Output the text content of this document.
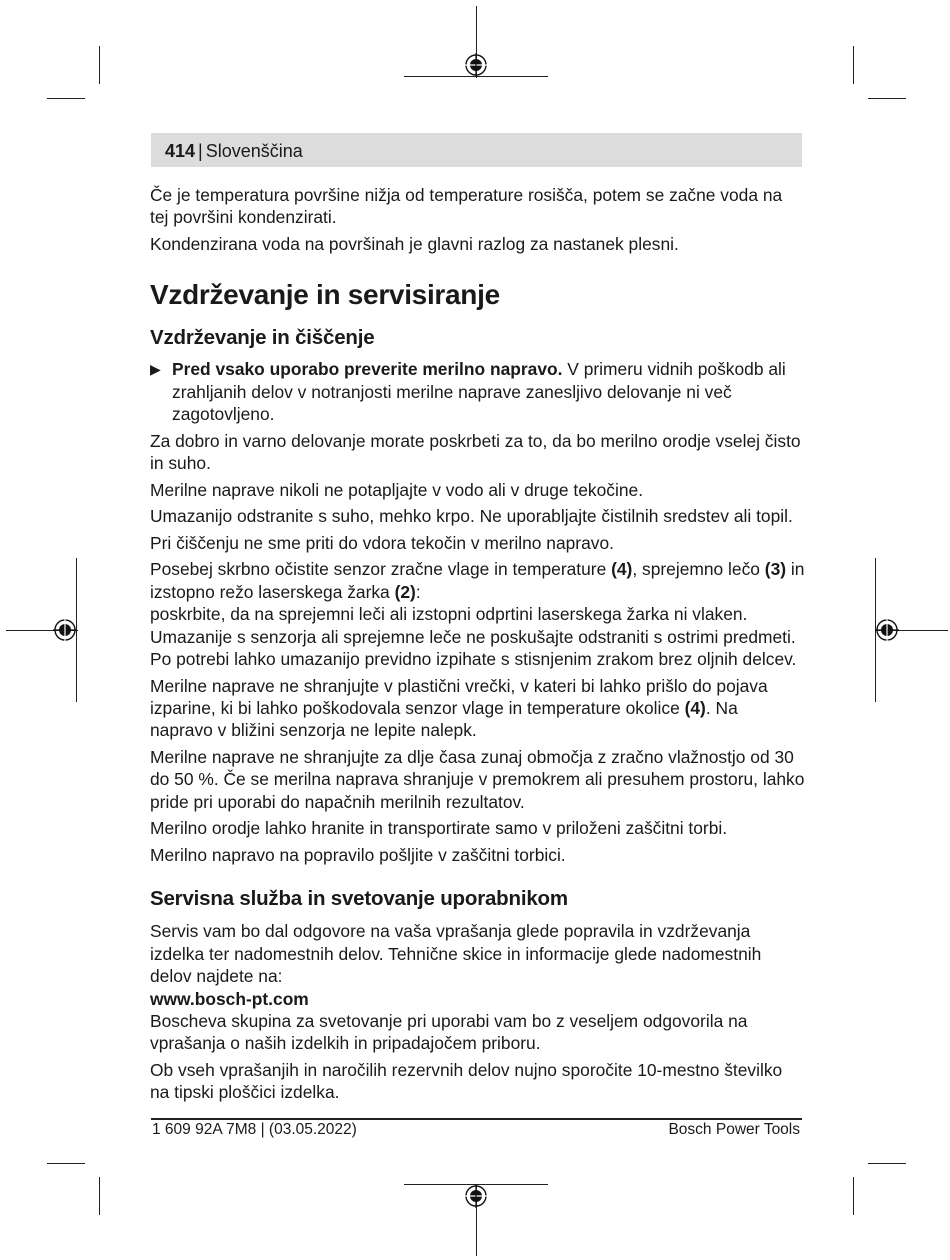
414 | Slovenščina

Če je temperatura površine nižja od temperature rosišča, potem se začne voda na tej površini kondenzirati.

Kondenzirana voda na površinah je glavni razlog za nastanek plesni.

Vzdrževanje in servisiranje
Vzdrževanje in čiščenje
▶ Pred vsako uporabo preverite merilno napravo. V primeru vidnih poškodb ali zrahljanih delov v notranjosti merilne naprave zanesljivo delovanje ni več zagotovljeno.

Za dobro in varno delovanje morate poskrbeti za to, da bo merilno orodje vselej čisto in suho.

Merilne naprave nikoli ne potapljajte v vodo ali v druge tekočine.

Umazanijo odstranite s suho, mehko krpo. Ne uporabljajte čistilnih sredstev ali topil.

Pri čiščenju ne sme priti do vdora tekočin v merilno napravo.

Posebej skrbno očistite senzor zračne vlage in temperature (4), sprejemno lečo (3) in izstopno režo laserskega žarka (2):

poskrbite, da na sprejemni leči ali izstopni odprtini laserskega žarka ni vlaken. Umazanije s senzorja ali sprejemne leče ne poskušajte odstraniti s ostrimi predmeti. Po potrebi lahko umazanijo previdno izpihate s stisnjenim zrakom brez oljnih delcev.

Merilne naprave ne shranjujte v plastični vrečki, v kateri bi lahko prišlo do pojava izparine, ki bi lahko poškodovala senzor vlage in temperature okolice (4). Na napravo v bližini senzorja ne lepite nalepk.

Merilne naprave ne shranjujte za dlje časa zunaj območja z zračno vlažnostjo od 30 do 50 %. Če se merilna naprava shranjuje v premokrem ali presuhem prostoru, lahko pride pri uporabi do napačnih merilnih rezultatov.

Merilno orodje lahko hranite in transportirate samo v priloženi zaščitni torbi.

Merilno napravo na popravilo pošljite v zaščitni torbici.

Servisna služba in svetovanje uporabnikom

Servis vam bo dal odgovore na vaša vprašanja glede popravila in vzdrževanja izdelka ter nadomestnih delov. Tehnične skice in informacije glede nadomestnih delov najdete na:
www.bosch-pt.com

Boscheva skupina za svetovanje pri uporabi vam bo z veseljem odgovorila na vprašanja o naših izdelkih in pripadajočem priboru.

Ob vseh vprašanjih in naročilih rezervnih delov nujno sporočite 10-mestno številko na tipski ploščici izdelka.

1 609 92A 7M8 | (03.05.2022)	Bosch Power Tools
